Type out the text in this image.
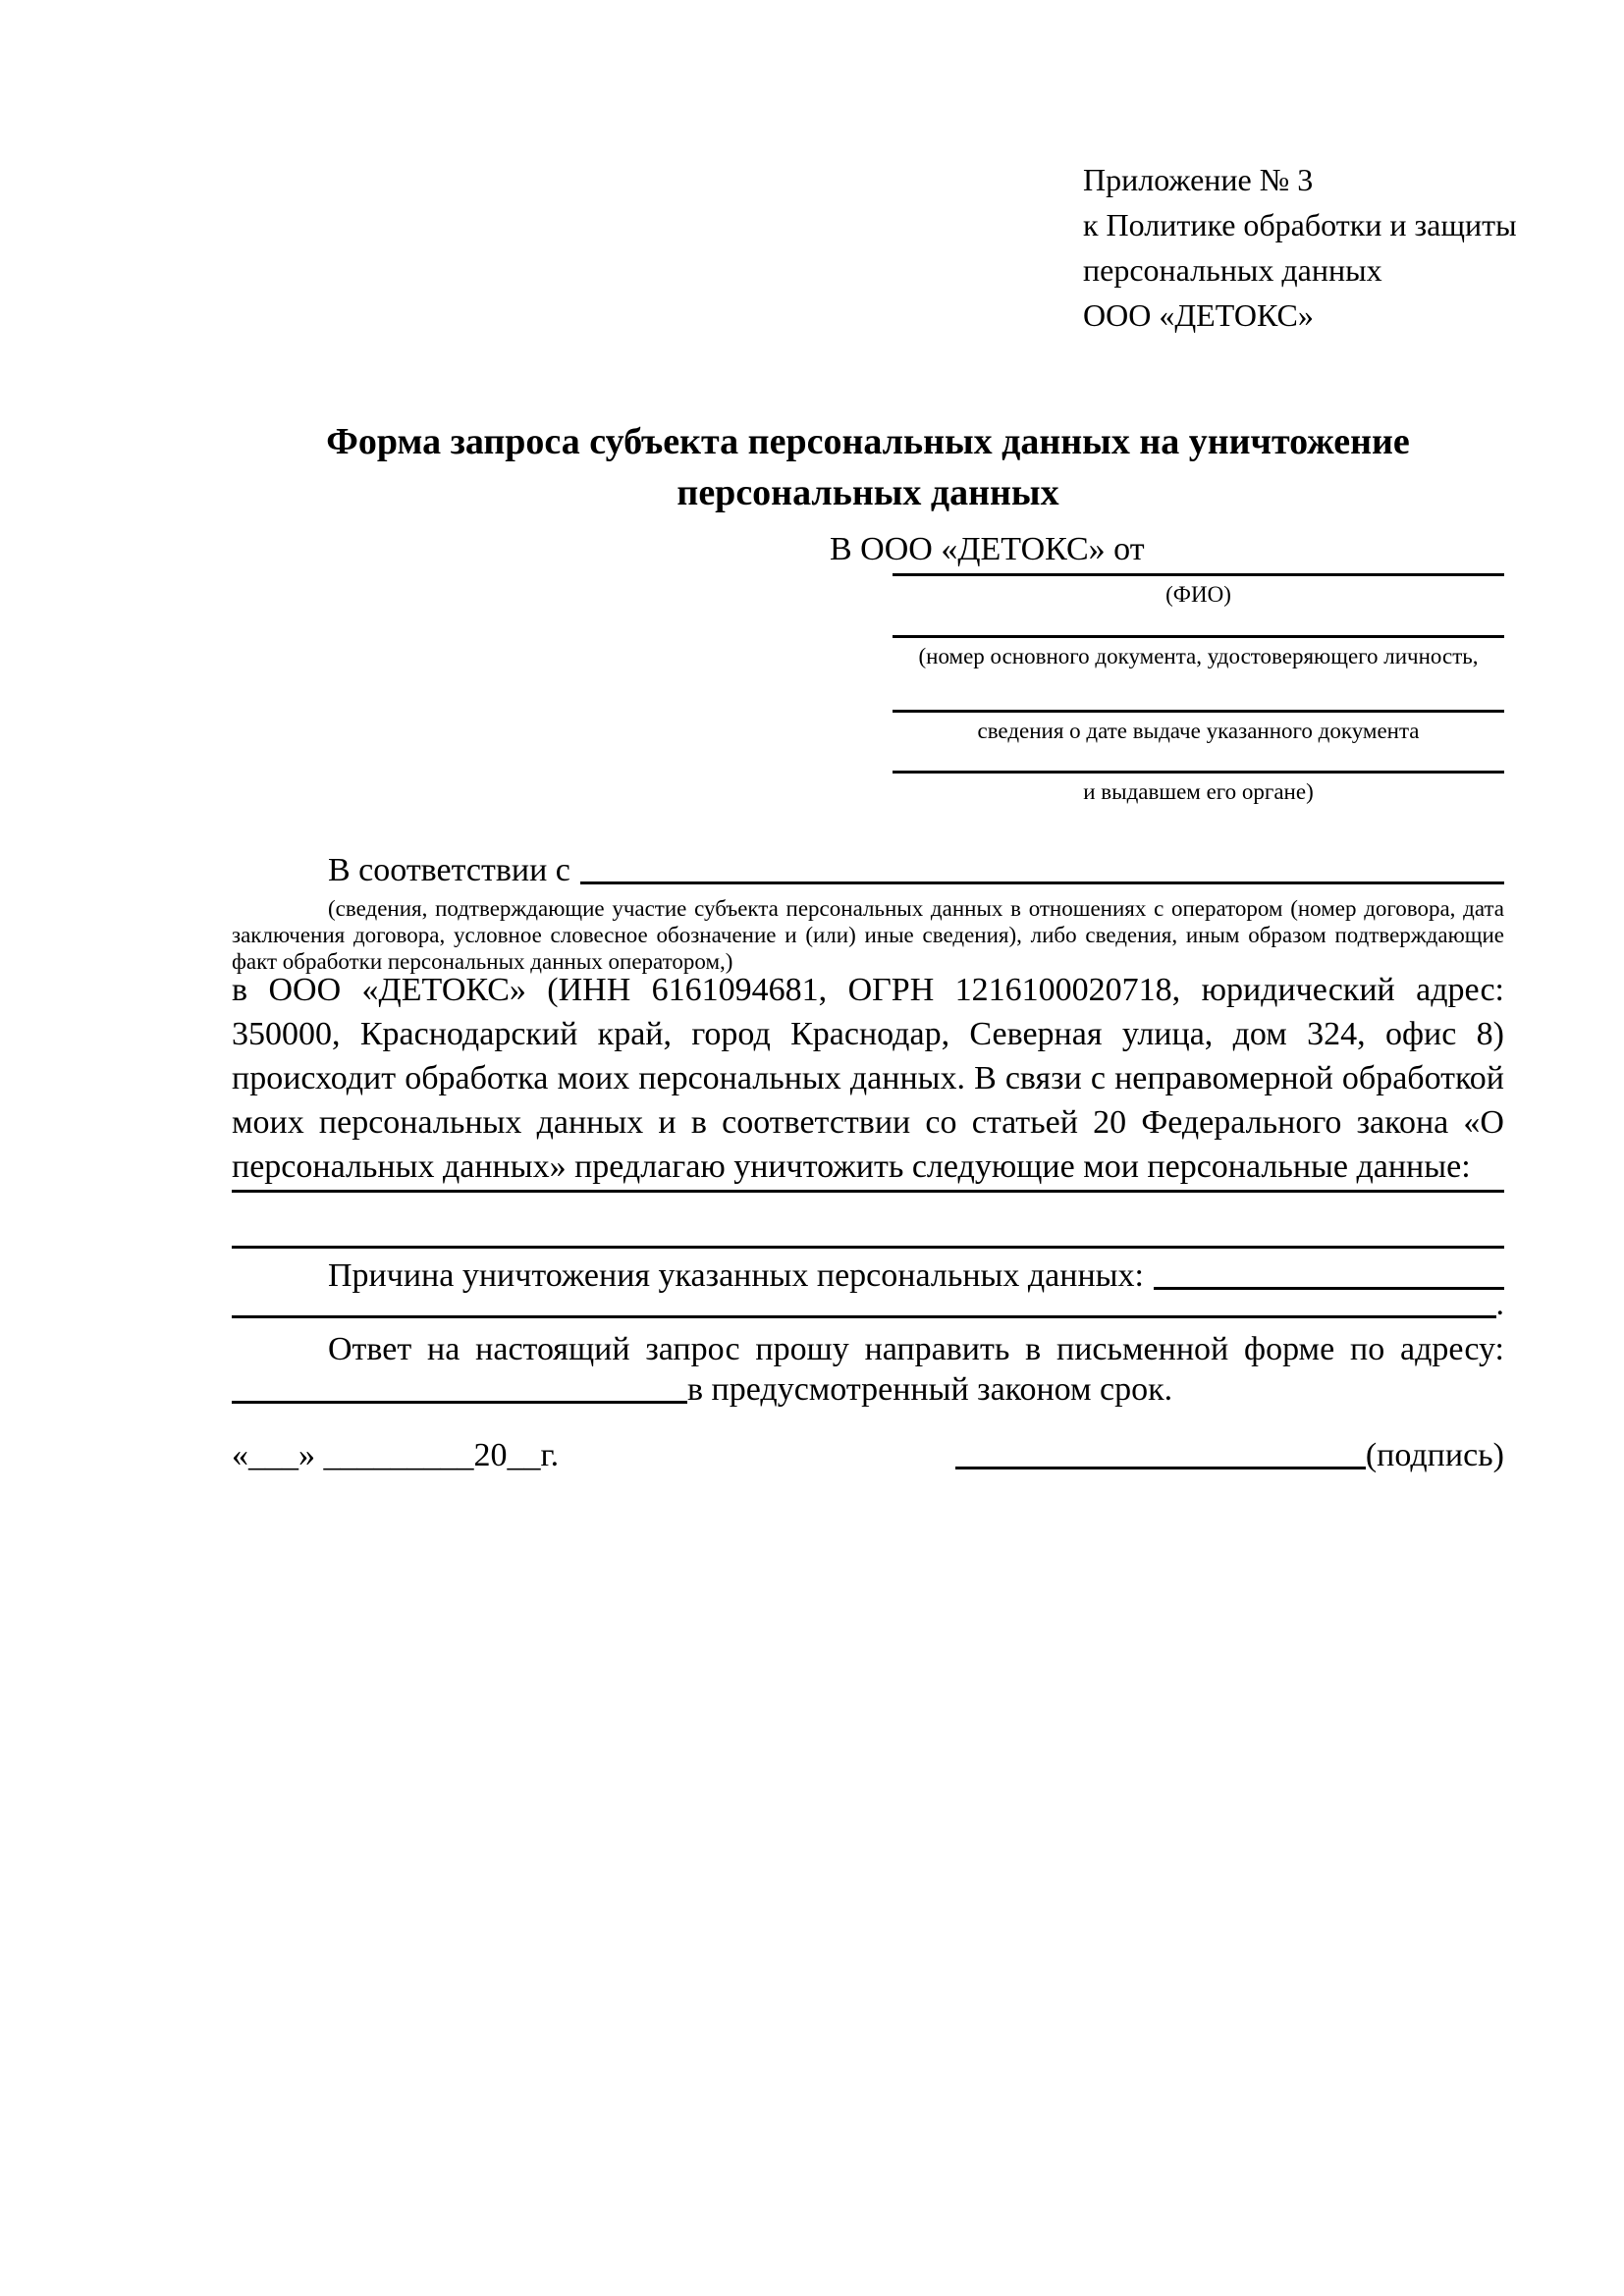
Приложение № 3
к Политике обработки и защиты
персональных данных
ООО «ДЕТОКС»
Форма запроса субъекта персональных данных на уничтожение персональных данных
В ООО «ДЕТОКС» от
(ФИО)
(номер основного документа, удостоверяющего личность,
сведения о дате выдаче указанного документа
и выдавшем его органе)
В соответствии с
(сведения, подтверждающие участие субъекта персональных данных в отношениях с оператором (номер договора, дата заключения договора, условное словесное обозначение и (или) иные сведения), либо сведения, иным образом подтверждающие факт обработки персональных данных оператором,)
в ООО «ДЕТОКС» (ИНН 6161094681, ОГРН 1216100020718, юридический адрес: 350000, Краснодарский край, город Краснодар, Северная улица, дом 324, офис 8) происходит обработка моих персональных данных. В связи с неправомерной обработкой моих персональных данных и в соответствии со статьей 20 Федерального закона «О персональных данных» предлагаю уничтожить следующие мои персональные данные:
Причина уничтожения указанных персональных данных:
.
Ответ на настоящий запрос прошу направить в письменной форме по адресу:
в предусмотренный законом срок.
«___» _________20__г.	(подпись)
